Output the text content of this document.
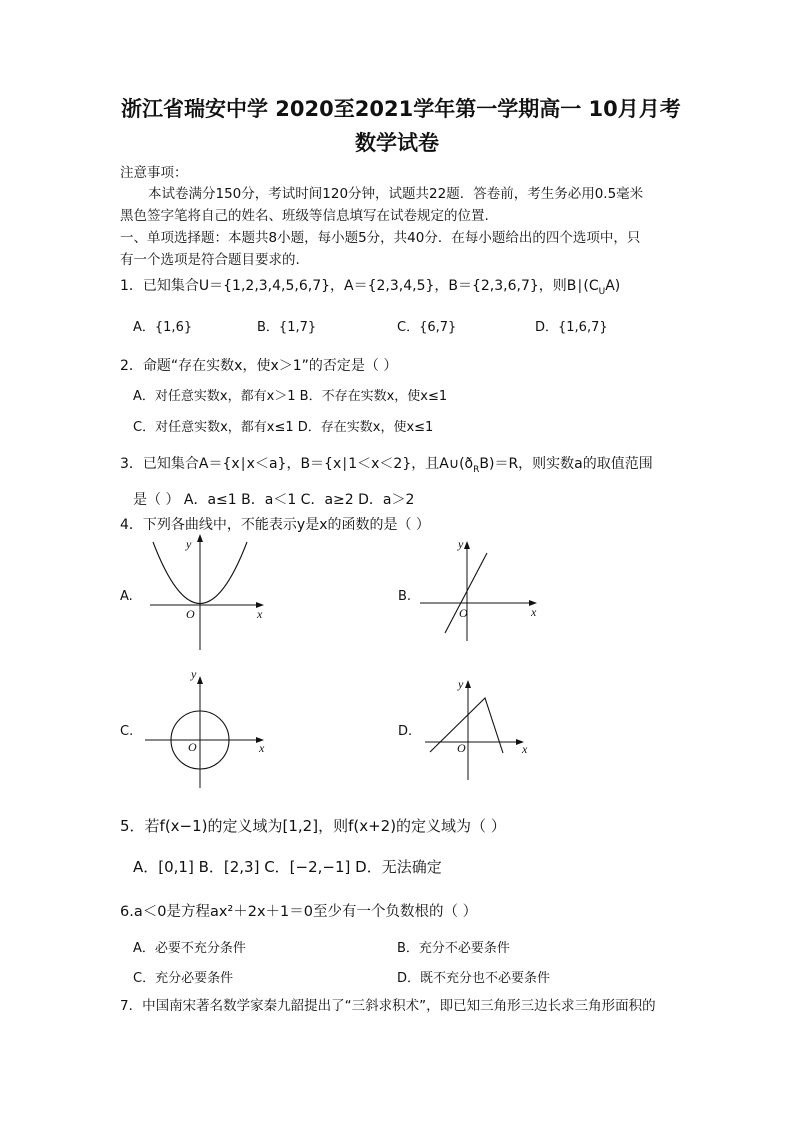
浙江省瑞安中学 2020至2021学年第一学期高一 10月月考
数学试卷
注意事项：
本试卷满分150分，考试时间120分钟，试题共22题．答卷前，考生务必用0.5毫米
黑色签字笔将自己的姓名、班级等信息填写在试卷规定的位置.
一、单项选择题：本题共8小题，每小题5分，共40分．在每小题给出的四个选项中，只
有一个选项是符合题目要求的.
1．已知集合U＝{1,2,3,4,5,6,7}，A＝{2,3,4,5}，B＝{2,3,6,7}，则$B∣(C_UA)$
A．{1,6}	B．{1,7}	C．{6,7}	D．{1,6,7}
2．命题“存在实数x，使x＞1”的否定是（ ）
A．对任意实数x，都有x＞1 B．不存在实数x，使x≤1
C．对任意实数x，都有x≤1 D．存在实数x，使x≤1
3．已知集合A＝{x∣x＜a}，B＝{x∣1＜x＜2}，且$A\cup(ð_RB)=R$，则实数a的取值范围
是（ ） A．a≤1 B．a＜1 C．a≥2 D．a＞2
4．下列各曲线中，不能表示y是x的函数的是（ ）
A.	B.
C.	D.
y
x
O
y
x
O
y
x
O
y
x
O
5．若f(x−1)的定义域为[1,2]，则f(x+2)的定义域为（ ）
A．[0,1] B．[2,3] C．[−2,−1] D．无法确定
6.a＜0是方程ax²＋2x＋1＝0至少有一个负数根的（ ）
A．必要不充分条件	B．充分不必要条件
C．充分必要条件	D．既不充分也不必要条件
7．中国南宋著名数学家秦九韶提出了“三斜求积术”，即已知三角形三边长求三角形面积的
